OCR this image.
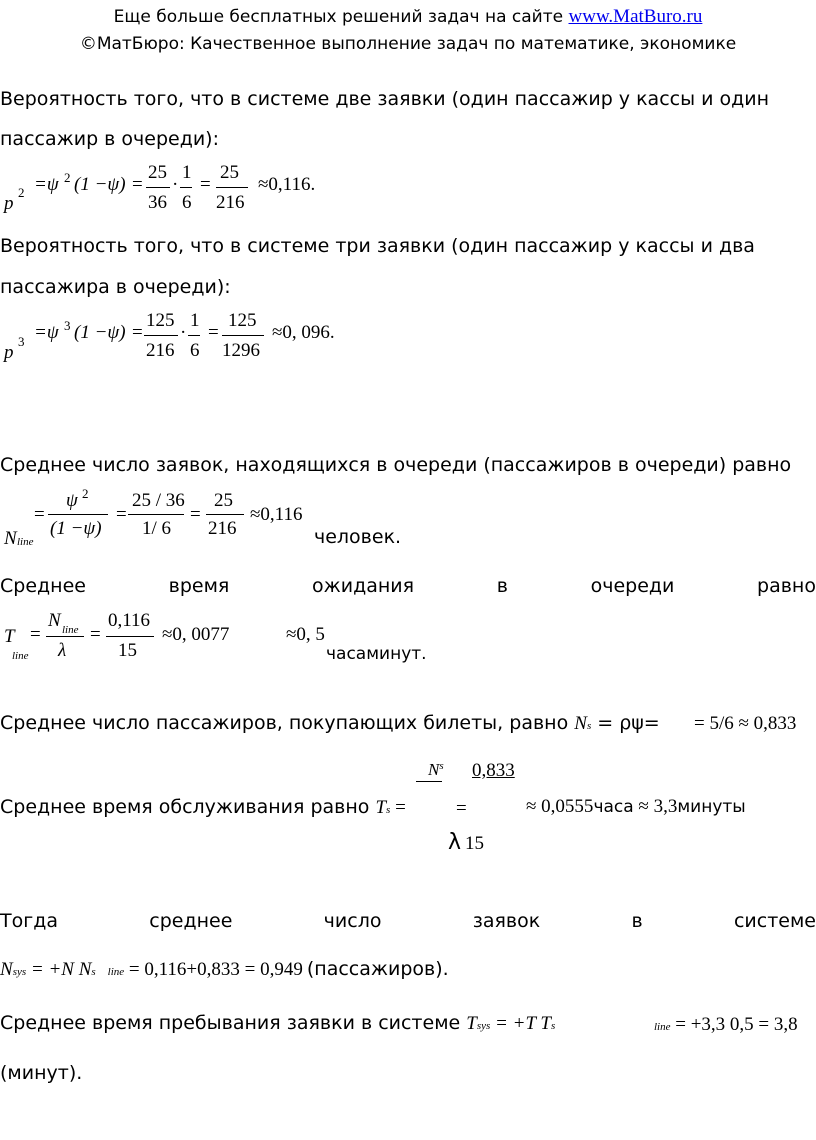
Еще больше бесплатных решений задач на сайте www.MatBuro.ru
©МатБюро: Качественное выполнение задач по математике, экономике
Вероятность того, что в системе две заявки (один пассажир у кассы и один
пассажир в очереди):
p
2 =ψ 2 (1 −ψ) =
25
36
·
1
6
=
25
216
≈0,116.
Вероятность того, что в системе три заявки (один пассажир у кассы и два
пассажира в очереди):
p
3 =ψ 3 (1 −ψ) =
125
216
·
1
6
=
125
1296
≈0, 096.
Среднее число заявок, находящихся в очереди (пассажиров в очереди) равно
N line
=
ψ 2
(1 −ψ)
=
25 / 36
1/ 6
=
25
216
≈0,116
человек.
Среднее	время	ожидания	в	очереди	равно
T
line
=
N line
λ
=
0,116
15
≈0, 0077	≈0, 5
часаминут.
Среднее число пассажиров, покупающих билеты, равно Ns = ρψ= = 5/6 ≈ 0,833
$N^s$ 0,833
Среднее время обслуживания равно Ts =	=	≈ 0,0555часа ≈ 3,3минуты
λ 15
Тогда	среднее	число	заявок	в	системе
Nsys = +N Ns line = 0,116+0,833 = 0,949 (пассажиров).
Среднее время пребывания заявки в системе Tsys = +T Ts	line = +3,3 0,5 = 3,8
(минут).
